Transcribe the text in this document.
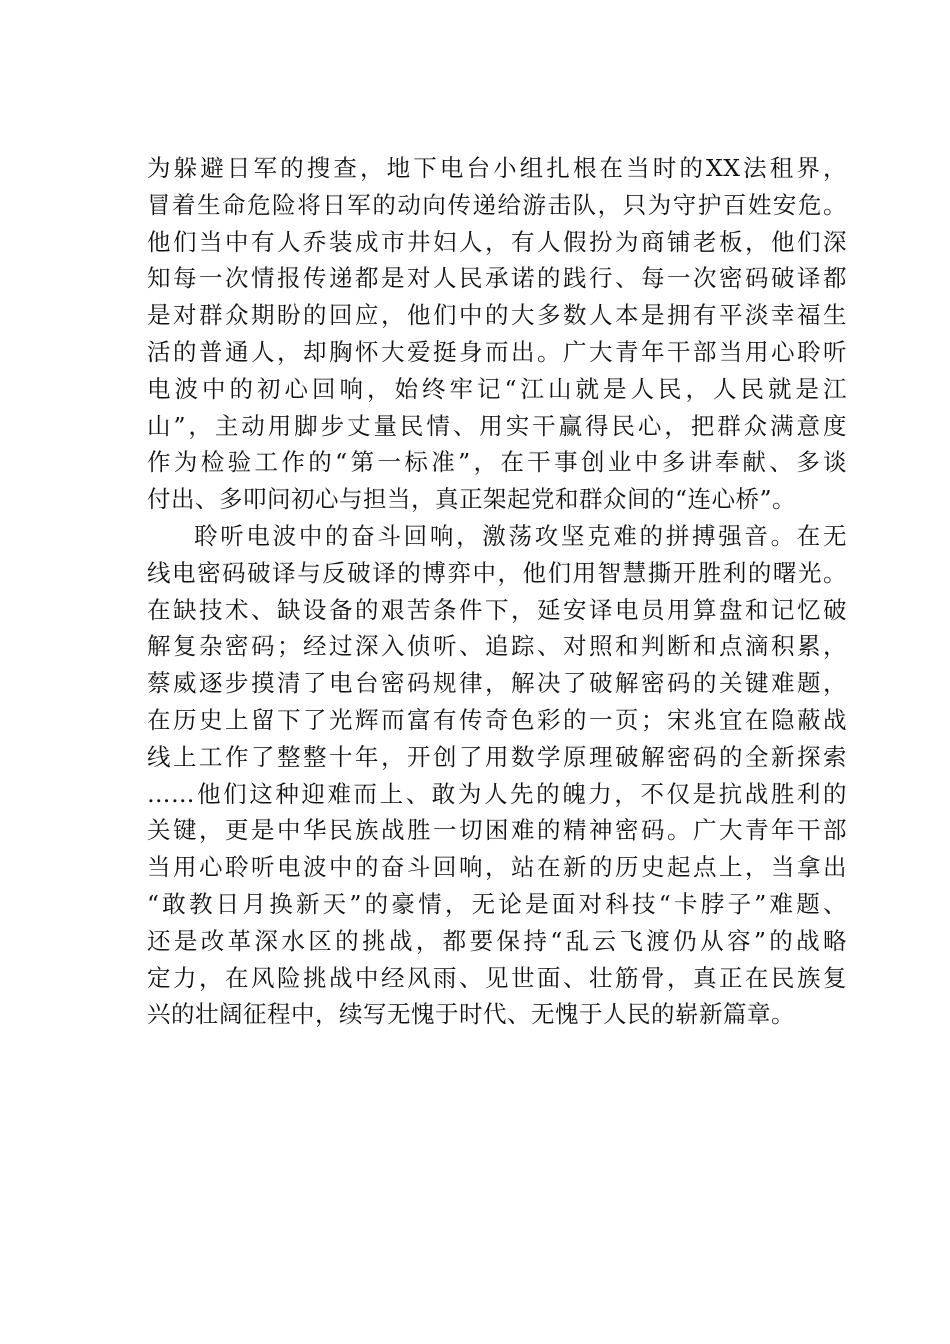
为躲避日军的搜查，地下电台小组扎根在当时的XX法租界，
冒着生命危险将日军的动向传递给游击队，只为守护百姓安危。
他们当中有人乔装成市井妇人，有人假扮为商铺老板，他们深
知每一次情报传递都是对人民承诺的践行、每一次密码破译都
是对群众期盼的回应，他们中的大多数人本是拥有平淡幸福生
活的普通人，却胸怀大爱挺身而出。广大青年干部当用心聆听
电波中的初心回响，始终牢记“江山就是人民，人民就是江
山”，主动用脚步丈量民情、用实干赢得民心，把群众满意度
作为检验工作的“第一标准”，在干事创业中多讲奉献、多谈
付出、多叩问初心与担当，真正架起党和群众间的“连心桥”。
聆听电波中的奋斗回响，激荡攻坚克难的拼搏强音。在无
线电密码破译与反破译的博弈中，他们用智慧撕开胜利的曙光。
在缺技术、缺设备的艰苦条件下，延安译电员用算盘和记忆破
解复杂密码；经过深入侦听、追踪、对照和判断和点滴积累，
蔡威逐步摸清了电台密码规律，解决了破解密码的关键难题，
在历史上留下了光辉而富有传奇色彩的一页；宋兆宜在隐蔽战
线上工作了整整十年，开创了用数学原理破解密码的全新探索
……他们这种迎难而上、敢为人先的魄力，不仅是抗战胜利的
关键，更是中华民族战胜一切困难的精神密码。广大青年干部
当用心聆听电波中的奋斗回响，站在新的历史起点上，当拿出
“敢教日月换新天”的豪情，无论是面对科技“卡脖子”难题、
还是改革深水区的挑战，都要保持“乱云飞渡仍从容”的战略
定力，在风险挑战中经风雨、见世面、壮筋骨，真正在民族复
兴的壮阔征程中，续写无愧于时代、无愧于人民的崭新篇章。
